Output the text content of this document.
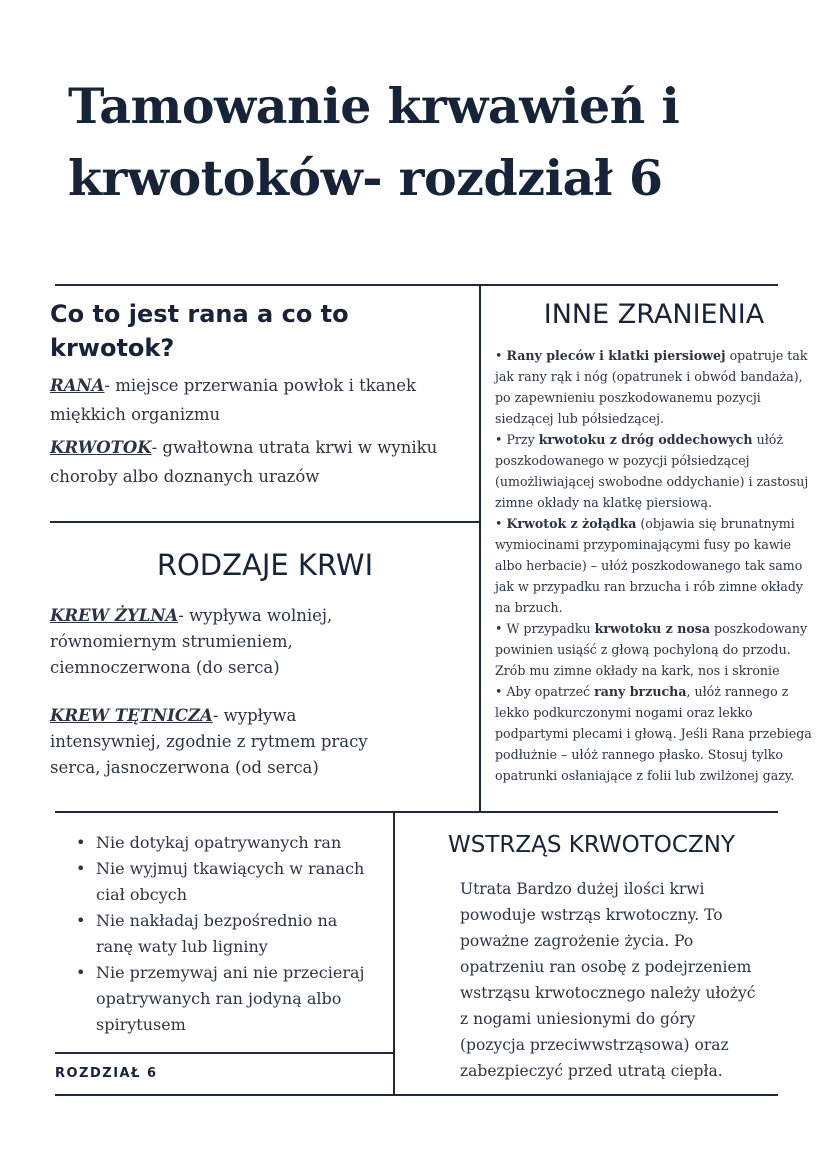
Tamowanie krwawień i krwotoków- rozdział 6
Co to jest rana a co to krwotok?
RANA- miejsce przerwania powłok i tkanek miękkich organizmu
KRWOTOK- gwałtowna utrata krwi w wyniku choroby albo doznanych urazów
RODZAJE KRWI
KREW ŻYLNA- wypływa wolniej, równomiernym strumieniem, ciemnoczerwona (do serca)
KREW TĘTNICZA- wypływa intensywniej, zgodnie z rytmem pracy serca, jasnoczerwona (od serca)
INNE ZRANIENIA

• Rany pleców i klatki piersiowej opatruje tak jak rany rąk i nóg (opatrunek i obwód bandaża), po zapewnieniu poszkodowanemu pozycji siedzącej lub półsiedzącej.

• Przy krwotoku z dróg oddechowych ułóż poszkodowanego w pozycji półsiedzącej (umożliwiającej swobodne oddychanie) i zastosuj zimne okłady na klatkę piersiową.

• Krwotok z żołądka (objawia się brunatnymi wymiocinami przypominającymi fusy po kawie albo herbacie) – ułóż poszkodowanego tak samo jak w przypadku ran brzucha i rób zimne okłady na brzuch.

• W przypadku krwotoku z nosa poszkodowany powinien usiąść z głową pochyloną do przodu. Zrób mu zimne okłady na kark, nos i skronie

• Aby opatrzeć rany brzucha, ułóż rannego z lekko podkurczonymi nogami oraz lekko podpartymi plecami i głową. Jeśli Rana przebiega podłużnie – ułóż rannego płasko. Stosuj tylko opatrunki osłaniające z folii lub zwilżonej gazy.

• Nie dotykaj opatrywanych ran
• Nie wyjmuj tkawiących w ranach ciał obcych
• Nie nakładaj bezpośrednio na ranę waty lub ligniny
• Nie przemywaj ani nie przecieraj opatrywanych ran jodyną albo spirytusem
WSTRZĄS KRWOTOCZNY
Utrata Bardzo dużej ilości krwi powoduje wstrząs krwotoczny. To poważne zagrożenie życia. Po opatrzeniu ran osobę z podejrzeniem wstrząsu krwotocznego należy ułożyć z nogami uniesionymi do góry (pozycja przeciwwstrząsowa) oraz zabezpieczyć przed utratą ciepła.
ROZDZIAŁ 6
